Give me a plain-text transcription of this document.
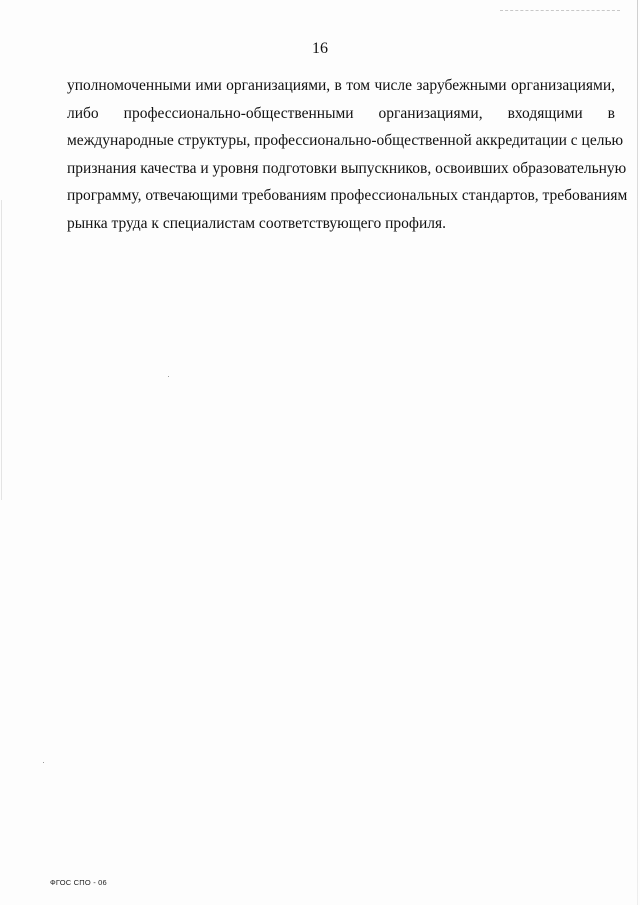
16
уполномоченными ими организациями, в том числе зарубежными организациями,
либо профессионально-общественными организациями, входящими в
международные структуры, профессионально-общественной аккредитации с целью
признания качества и уровня подготовки выпускников, освоивших образовательную
программу, отвечающими требованиям профессиональных стандартов, требованиям
рынка труда к специалистам соответствующего профиля.
ФГОС СПО - 06
